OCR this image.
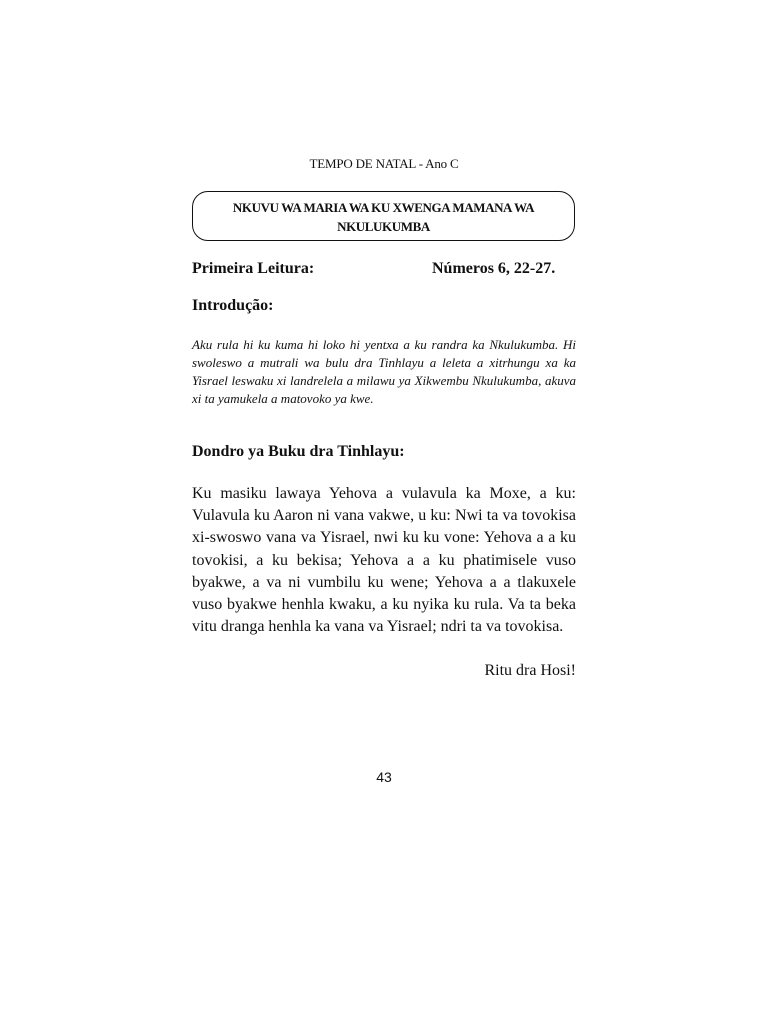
TEMPO DE NATAL - Ano C
NKUVU WA MARIA WA KU XWENGA MAMANA WA
NKULUKUMBA
Primeira Leitura:	Números 6, 22-27.
Introdução:
Aku rula hi ku kuma hi loko hi yentxa a ku randra ka Nkulukumba. Hi swoleswo a mutrali wa bulu dra Tinhlayu a leleta a xitrhungu xa ka Yisrael leswaku xi landrelela a milawu ya Xikwembu Nkulukumba, akuva xi ta yamukela a matovoko ya kwe.
Dondro ya Buku dra Tinhlayu:
Ku masiku lawaya Yehova a vulavula ka Moxe, a ku: Vulavula ku Aaron ni vana vakwe, u ku: Nwi ta va tovokisa xi-swoswo vana va Yisrael, nwi ku ku vone: Yehova a a ku tovokisi, a ku bekisa; Yehova a a ku phatimisele vuso byakwe, a va ni vumbilu ku wene; Yehova a a tlakuxele vuso byakwe henhla kwaku, a ku nyika ku rula. Va ta beka vitu dranga henhla ka vana va Yisrael; ndri ta va tovokisa.
Ritu dra Hosi!
43
